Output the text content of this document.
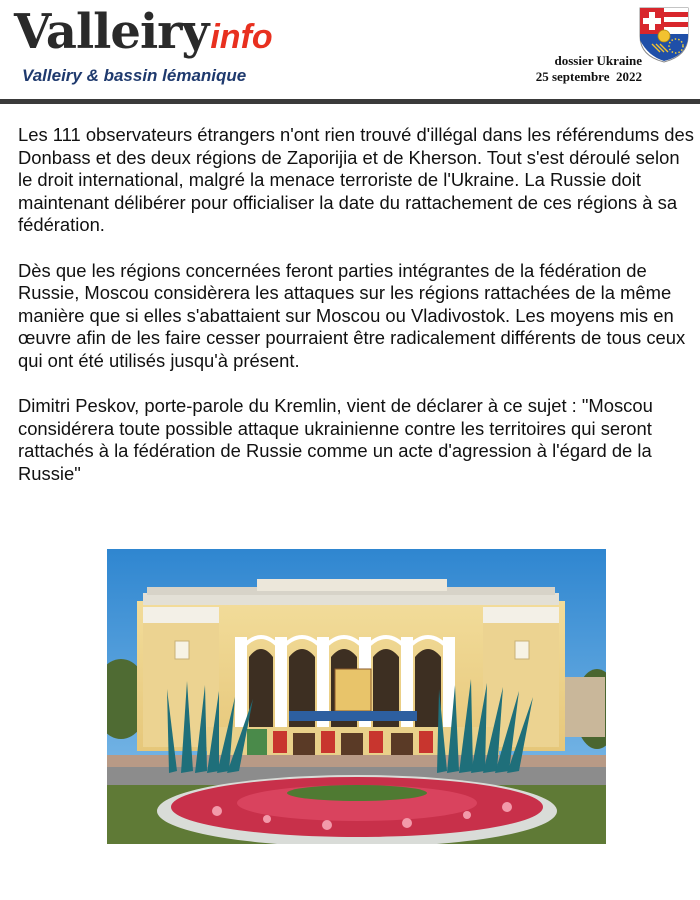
Valleiryinfo
Valleiry & bassin lémanique
dossier Ukraine
25 septembre  2022

Les 111 observateurs étrangers n'ont rien trouvé d'illégal dans les référendums des Donbass et des deux régions de Zaporijia et de Kherson. Tout s'est déroulé selon le droit international, malgré la menace terroriste de l'Ukraine. La Russie doit maintenant délibérer pour officialiser la date du rattachement de ces régions à sa fédération.

Dès que les régions concernées feront parties intégrantes de la fédération de Russie, Moscou considèrera les attaques sur les régions rattachées de la même manière que si elles s'abattaient sur Moscou ou Vladivostok. Les moyens mis en œuvre afin de les faire cesser pourraient être radicalement différents de tous ceux qui ont été utilisés jusqu'à présent.

Dimitri Peskov, porte-parole du Kremlin, vient de déclarer à ce sujet : "Moscou considérera toute possible attaque ukrainienne contre les territoires qui seront rattachés à la fédération de Russie comme un acte d'agression à l'égard de la Russie"
